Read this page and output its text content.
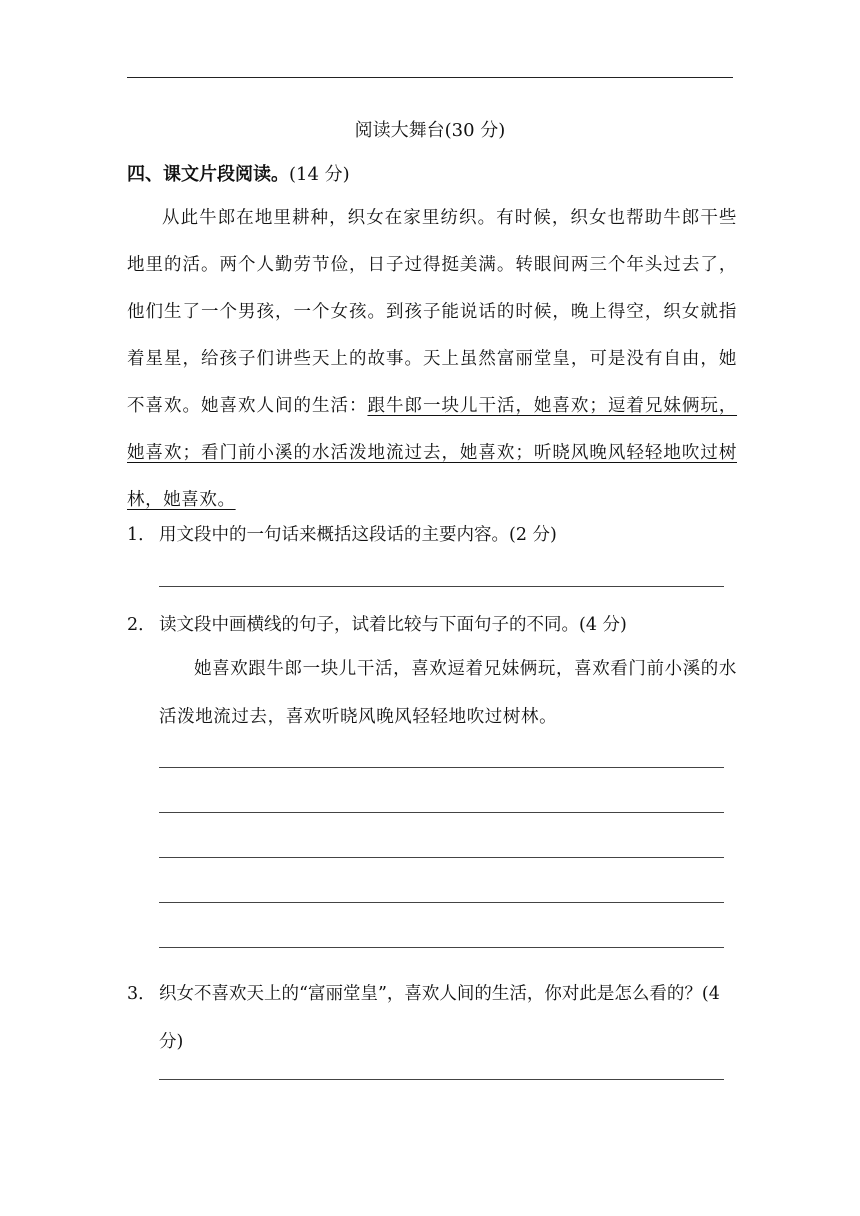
阅读大舞台(30 分)
四、课文片段阅读。(14 分)

从此牛郎在地里耕种，织女在家里纺织。有时候，织女也帮助牛郎干些地里的活。两个人勤劳节俭，日子过得挺美满。转眼间两三个年头过去了，他们生了一个男孩，一个女孩。到孩子能说话的时候，晚上得空，织女就指着星星，给孩子们讲些天上的故事。天上虽然富丽堂皇，可是没有自由，她不喜欢。她喜欢人间的生活：跟牛郎一块儿干活，她喜欢；逗着兄妹俩玩，她喜欢；看门前小溪的水活泼地流过去，她喜欢；听晓风晚风轻轻地吹过树林，她喜欢。

1． 用文段中的一句话来概括这段话的主要内容。(2 分)
2． 读文段中画横线的句子，试着比较与下面句子的不同。(4 分)

她喜欢跟牛郎一块儿干活，喜欢逗着兄妹俩玩，喜欢看门前小溪的水活泼地流过去，喜欢听晓风晚风轻轻地吹过树林。

3． 织女不喜欢天上的“富丽堂皇”，喜欢人间的生活，你对此是怎么看的？(4 分)
